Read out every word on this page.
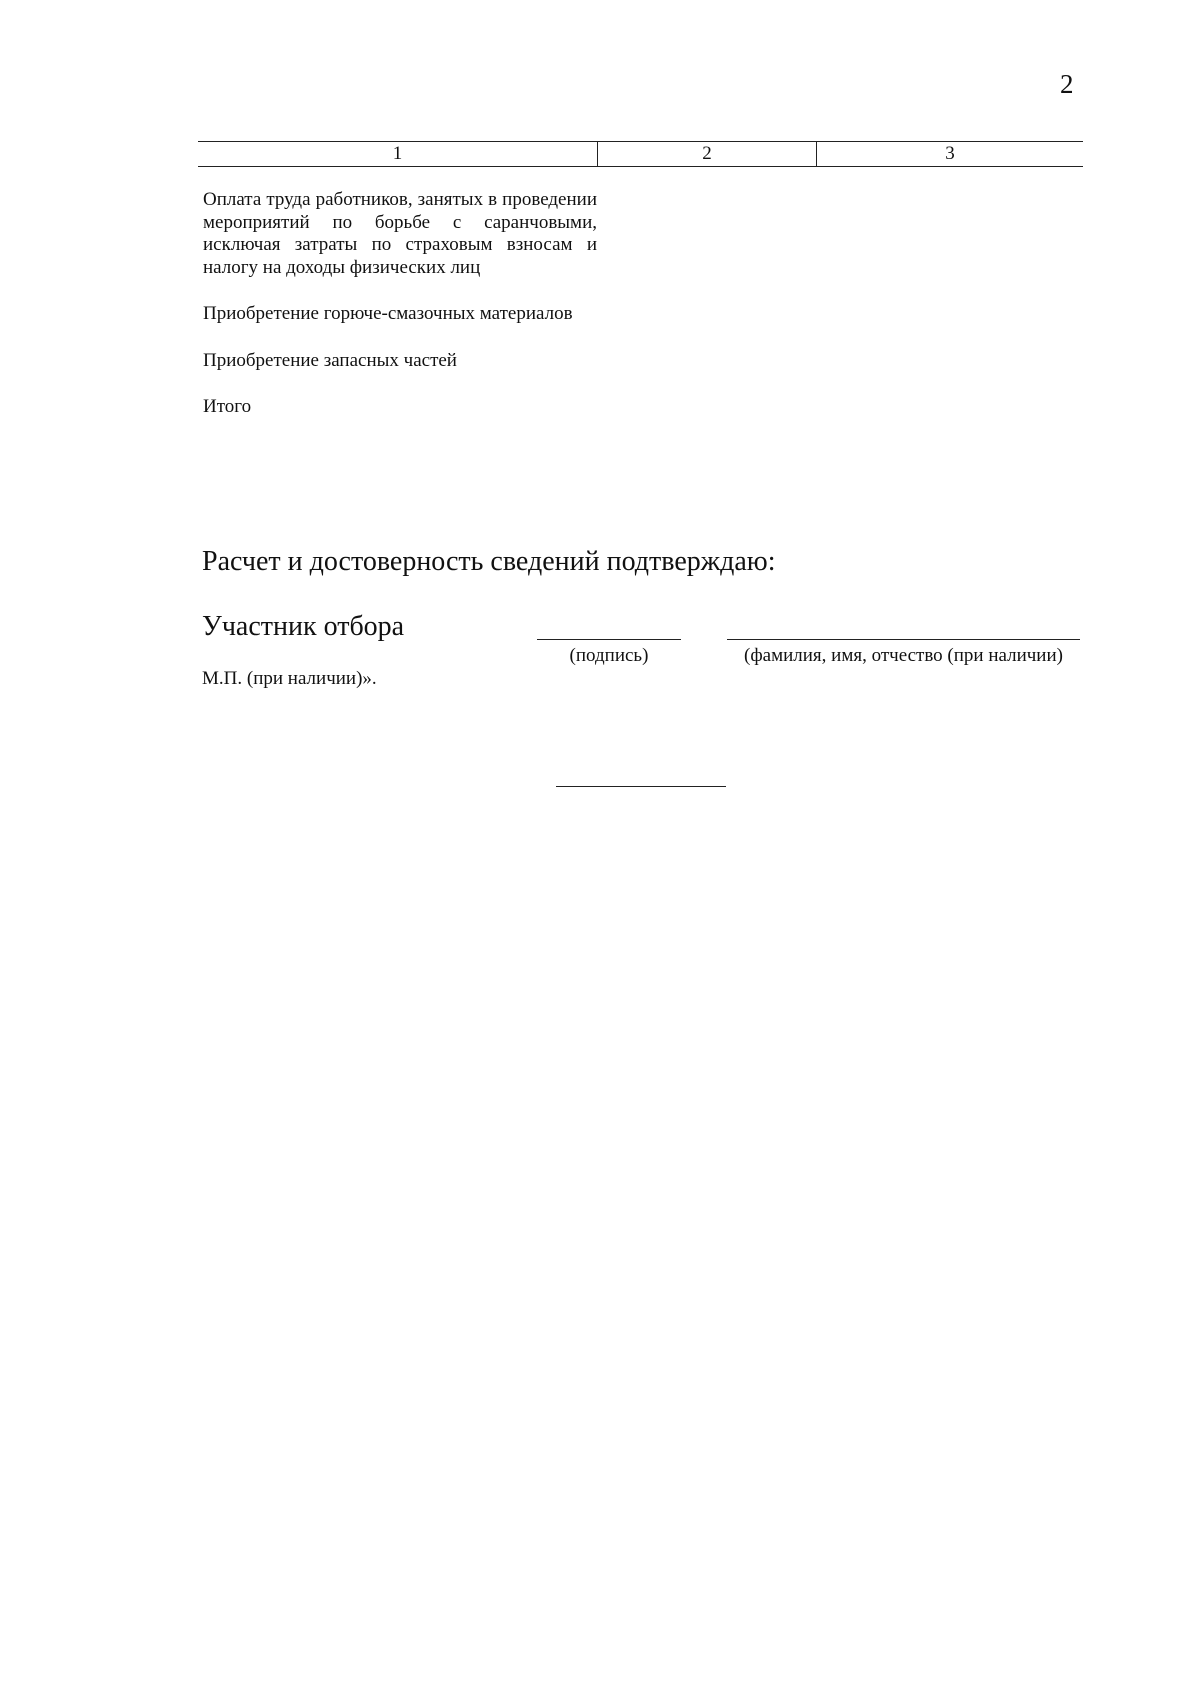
2
1	2	3
Оплата труда работников, занятых в проведении мероприятий по борьбе с саранчовыми, исключая затраты по страховым взносам и налогу на доходы физических лиц
Приобретение горюче-смазочных материалов
Приобретение запасных частей
Итого
Расчет и достоверность сведений подтверждаю:
Участник отбора
(подпись)	(фамилия, имя, отчество (при наличии)
М.П. (при наличии)».
